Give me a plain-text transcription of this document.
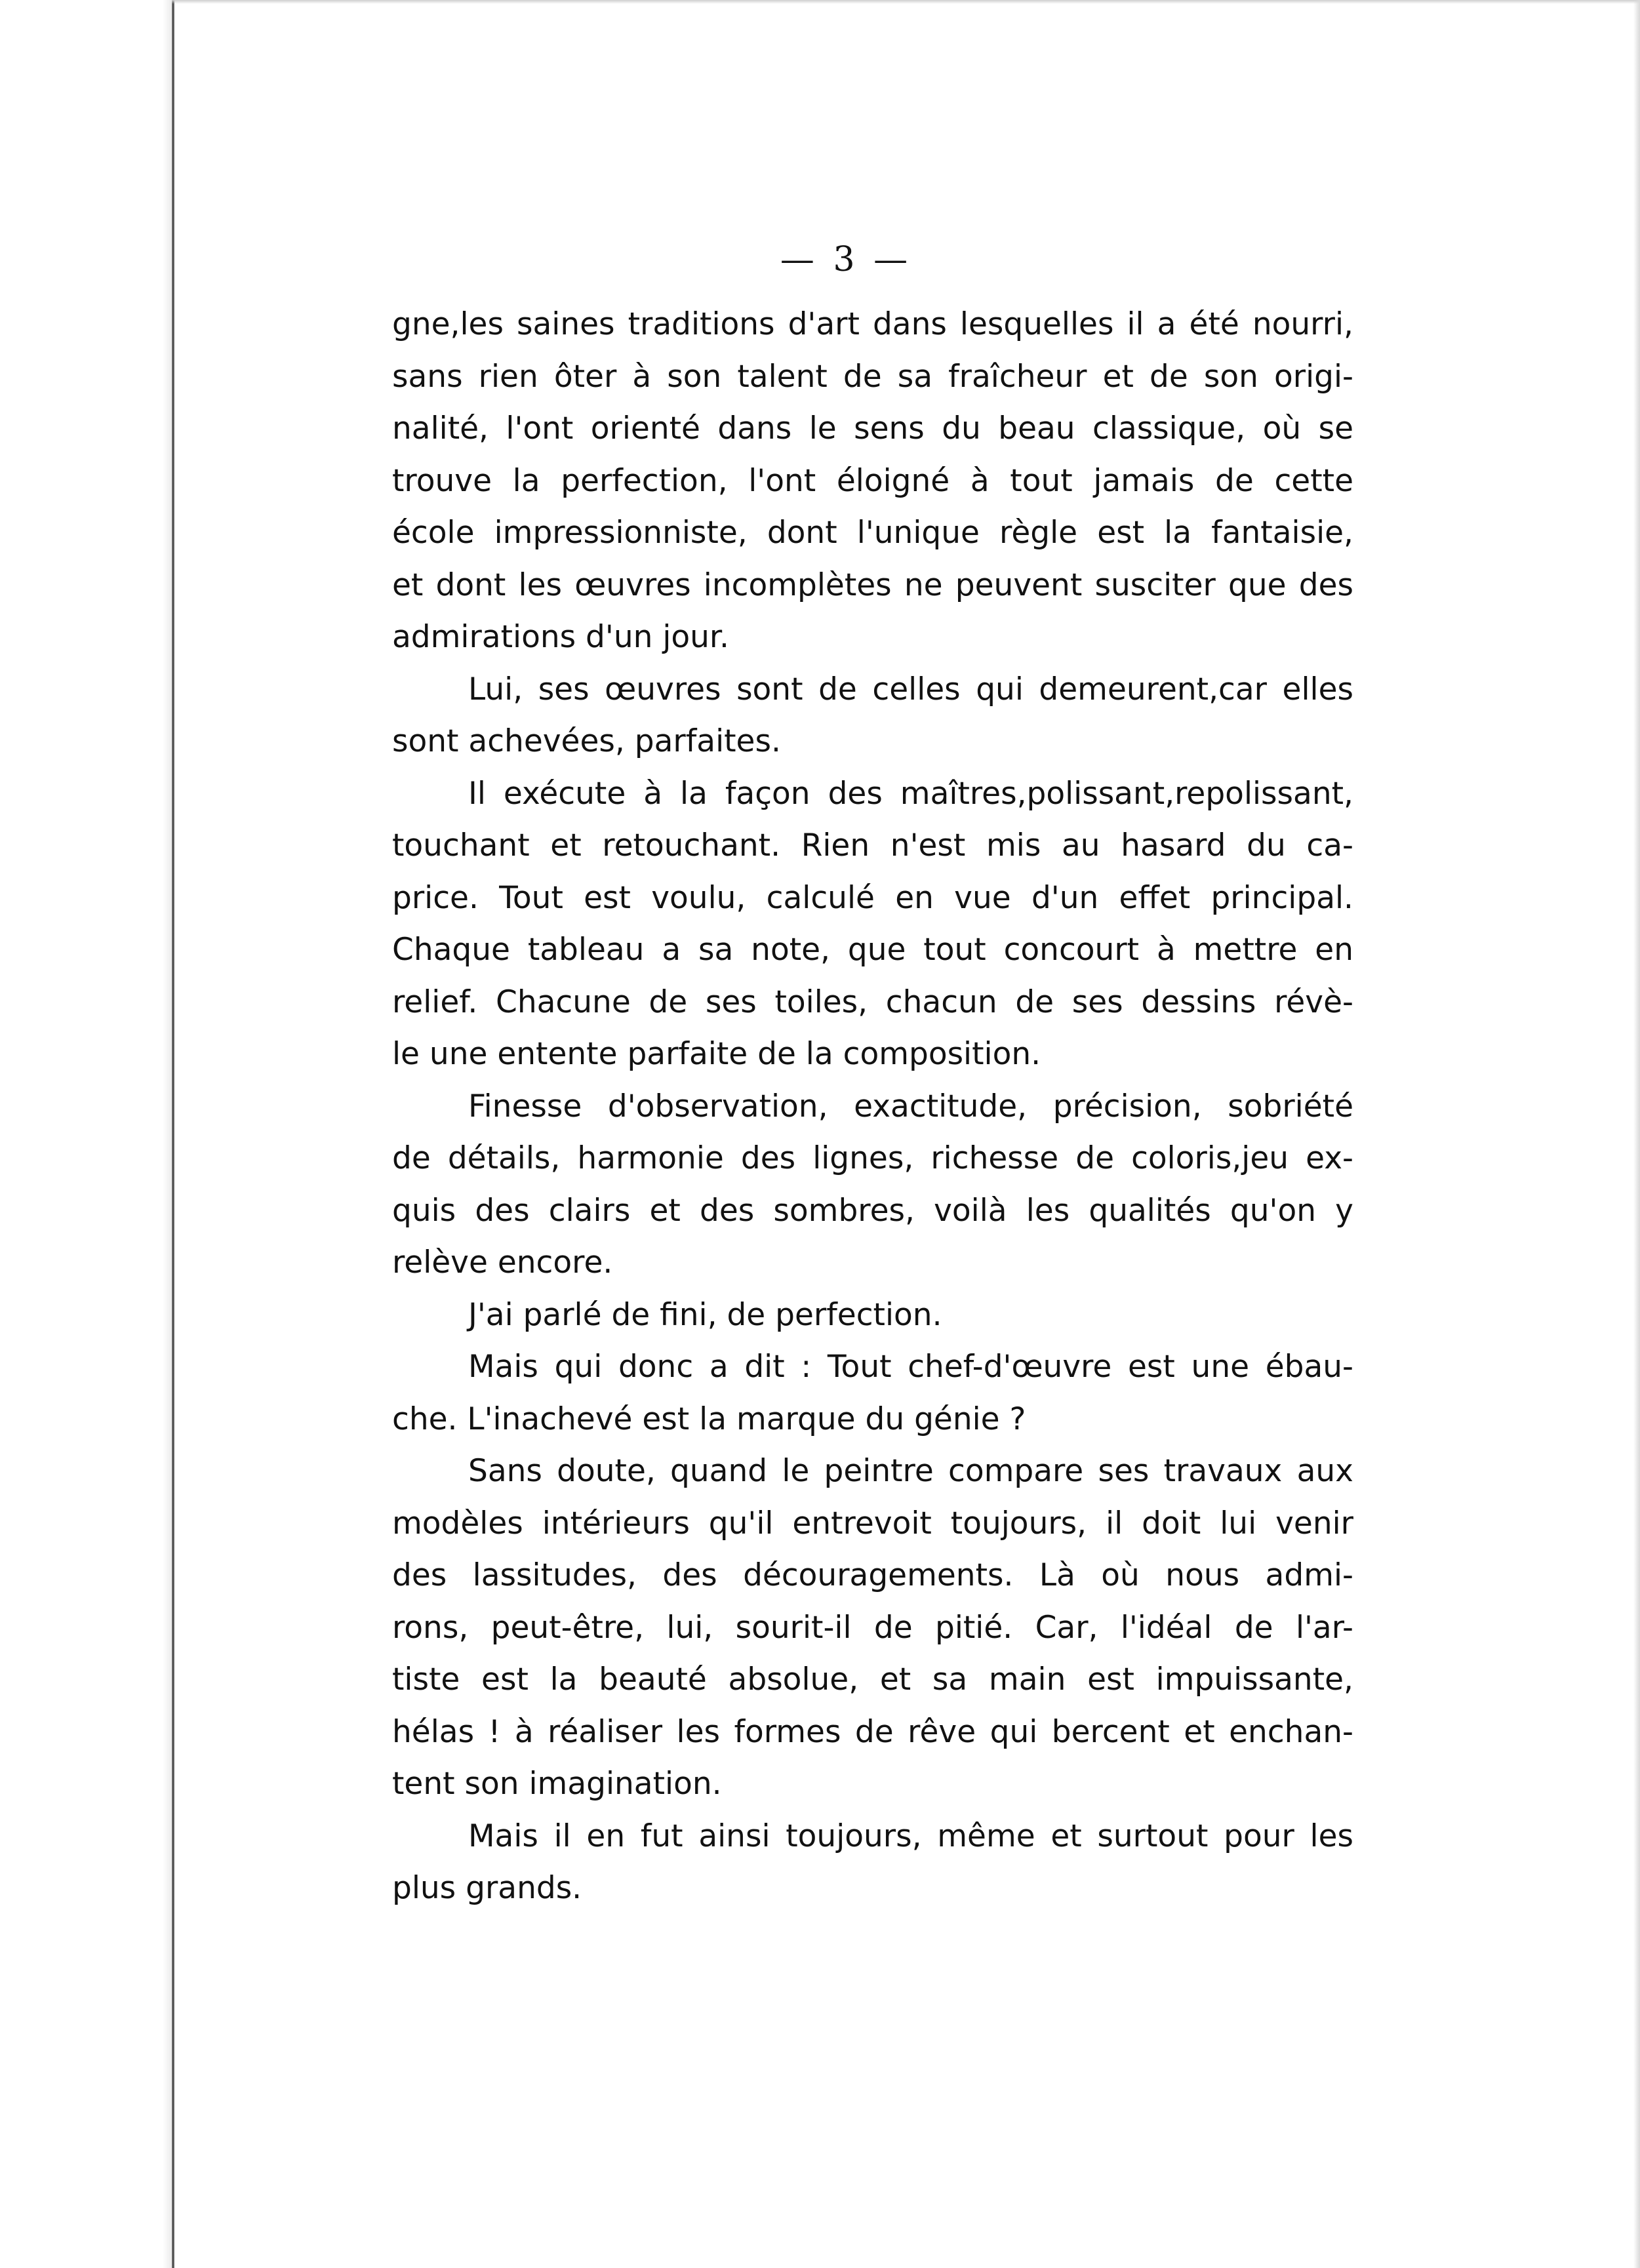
— 3 —

gne,les saines traditions d'art dans lesquelles il a été nourri,
sans rien ôter à son talent de sa fraîcheur et de son origi-
nalité, l'ont orienté dans le sens du beau classique, où se
trouve la perfection, l'ont éloigné à tout jamais de cette
école impressionniste, dont l'unique règle est la fantaisie,
et dont les œuvres incomplètes ne peuvent susciter que des
admirations d'un jour.

Lui, ses œuvres sont de celles qui demeurent,car elles
sont achevées, parfaites.

Il exécute à la façon des maîtres,polissant,repolissant,
touchant et retouchant. Rien n'est mis au hasard du ca-
price. Tout est voulu, calculé en vue d'un effet principal.
Chaque tableau a sa note, que tout concourt à mettre en
relief. Chacune de ses toiles, chacun de ses dessins révè-
le une entente parfaite de la composition.

Finesse d'observation, exactitude, précision, sobriété
de détails, harmonie des lignes, richesse de coloris,jeu ex-
quis des clairs et des sombres, voilà les qualités qu'on y
relève encore.

J'ai parlé de fini, de perfection.

Mais qui donc a dit : Tout chef-d'œuvre est une ébau-
che. L'inachevé est la marque du génie ?

Sans doute, quand le peintre compare ses travaux aux
modèles intérieurs qu'il entrevoit toujours, il doit lui venir
des lassitudes, des découragements. Là où nous admi-
rons, peut-être, lui, sourit-il de pitié. Car, l'idéal de l'ar-
tiste est la beauté absolue, et sa main est impuissante,
hélas ! à réaliser les formes de rêve qui bercent et enchan-
tent son imagination.

Mais il en fut ainsi toujours, même et surtout pour les
plus grands.
